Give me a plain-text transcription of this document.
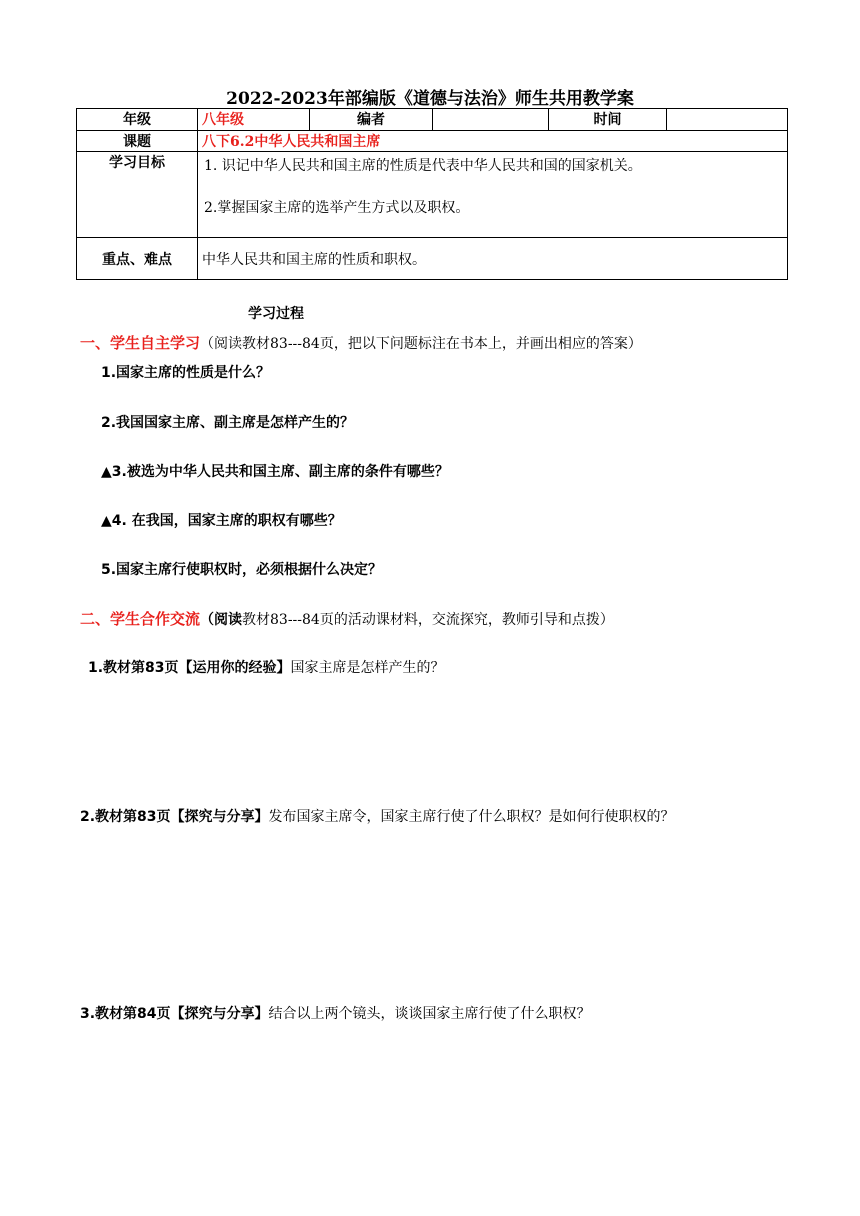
2022-2023年部编版《道德与法治》师生共用教学案
年级	八年级	编者		时间	
课题	八下6.2中华人民共和国主席				
学习目标	1. 识记中华人民共和国主席的性质是代表中华人民共和国的国家机关。
2.掌握国家主席的选举产生方式以及职权。				

重点、难点	中华人民共和国主席的性质和职权。				
学习过程
一、学生自主学习（阅读教材83---84页，把以下问题标注在书本上，并画出相应的答案）
1.国家主席的性质是什么？
2.我国国家主席、副主席是怎样产生的？
▲3.被选为中华人民共和国主席、副主席的条件有哪些？
▲4. 在我国，国家主席的职权有哪些？
5.国家主席行使职权时，必须根据什么决定？
二、学生合作交流（阅读教材83---84页的活动课材料，交流探究，教师引导和点拨）
1.教材第83页【运用你的经验】国家主席是怎样产生的？
2.教材第83页【探究与分享】发布国家主席令，国家主席行使了什么职权？是如何行使职权的？
3.教材第84页【探究与分享】结合以上两个镜头，谈谈国家主席行使了什么职权？
